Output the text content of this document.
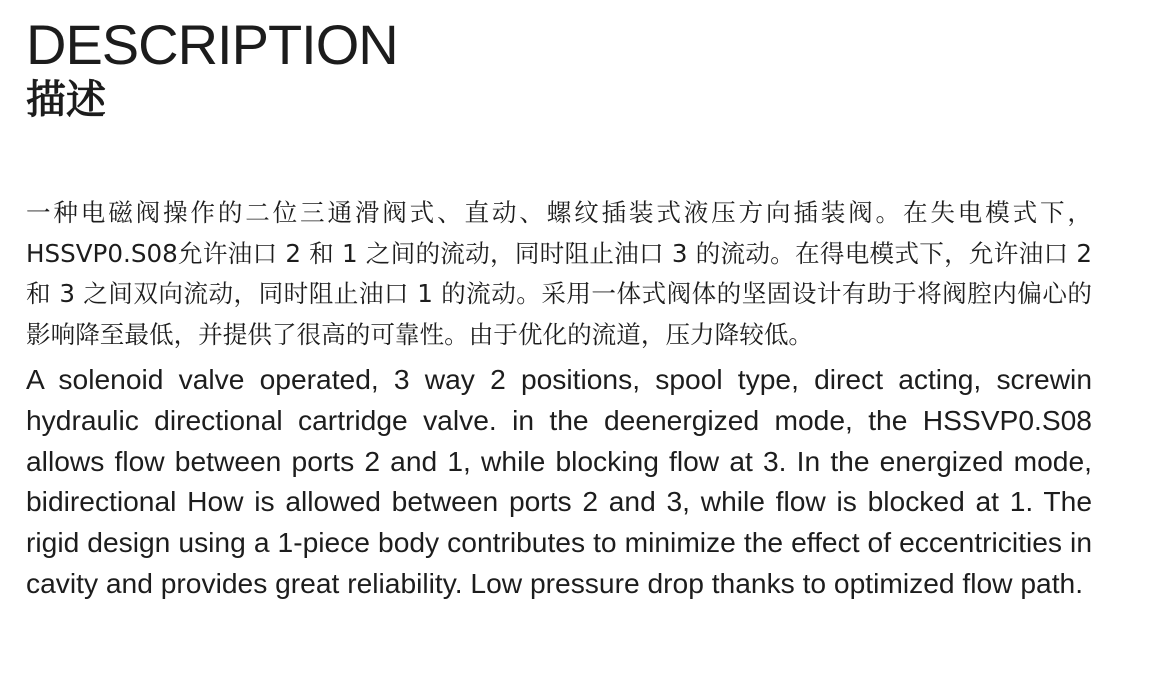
DESCRIPTION
描述

一种电磁阀操作的二位三通滑阀式、直动、螺纹插装式液压方向插装阀。在失电模式下，HSSVP0.S08允许油口 2 和 1 之间的流动，同时阻止油口 3 的流动。在得电模式下，允许油口 2 和 3 之间双向流动，同时阻止油口 1 的流动。采用一体式阀体的坚固设计有助于将阀腔内偏心的影响降至最低，并提供了很高的可靠性。由于优化的流道，压力降较低。

A solenoid valve operated, 3 way 2 positions, spool type, direct acting, screwin hydraulic directional cartridge valve. in the deenergized mode, the HSSVP0.S08 allows flow between ports 2 and 1, while blocking flow at 3. In the energized mode, bidirectional How is allowed between ports 2 and 3, while flow is blocked at 1. The rigid design using a 1-piece body contributes to minimize the effect of eccentricities in cavity and provides great reliability. Low pressure drop thanks to optimized flow path.
